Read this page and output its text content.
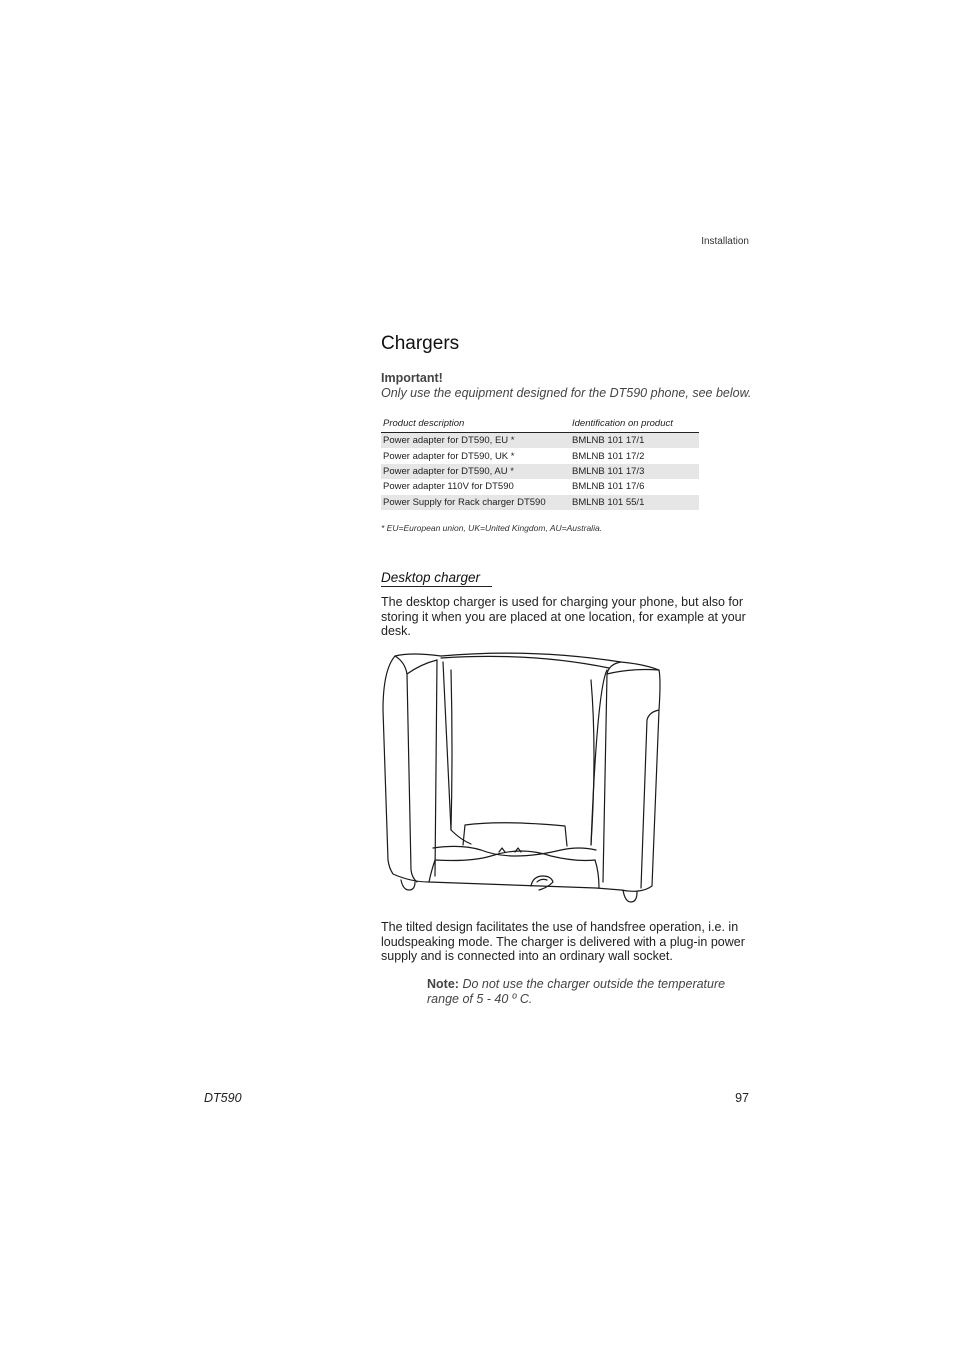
Installation
Chargers
Important!
Only use the equipment designed for the DT590 phone, see below.
Product description	Identification on product
Power adapter for DT590, EU *	BMLNB 101 17/1
Power adapter for DT590, UK *	BMLNB 101 17/2
Power adapter for DT590, AU *	BMLNB 101 17/3
Power adapter 110V for DT590	BMLNB 101 17/6
Power Supply for Rack charger DT590	BMLNB 101 55/1
* EU=European union, UK=United Kingdom, AU=Australia.
Desktop charger
The desktop charger is used for charging your phone, but also for storing it when you are placed at one location, for example at your desk.
The tilted design facilitates the use of handsfree operation, i.e. in loudspeaking mode. The charger is delivered with a plug-in power supply and is connected into an ordinary wall socket.
Note: Do not use the charger outside the temperature range of 5 - 40 º C.
DT590	97
